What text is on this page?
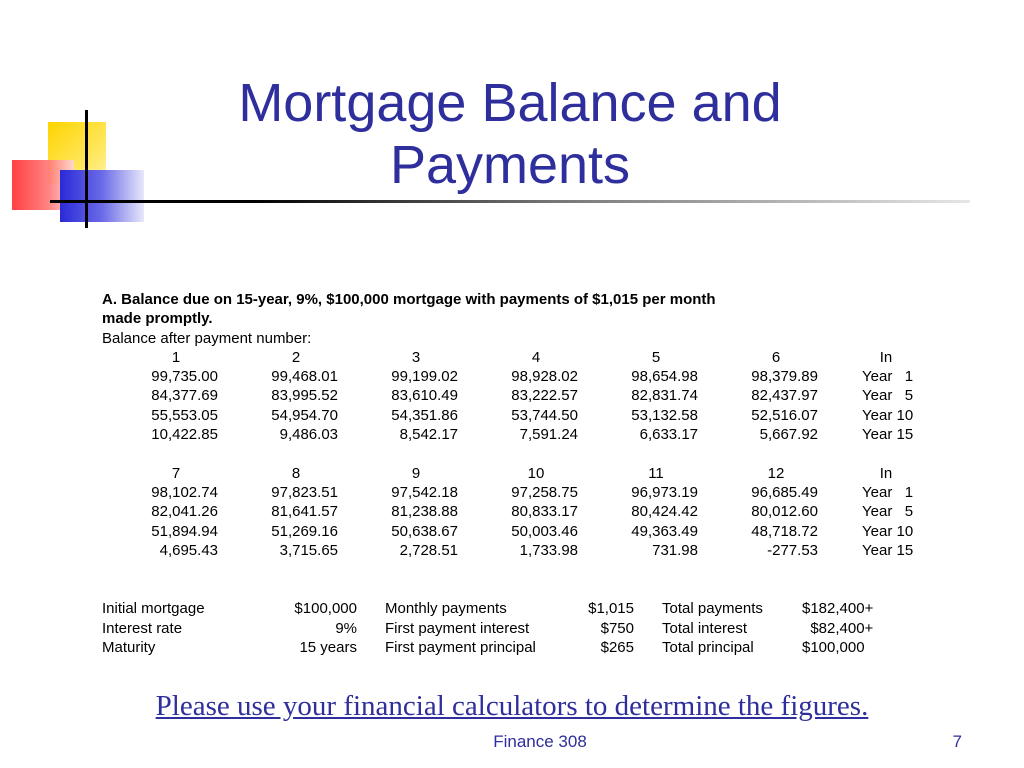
Mortgage Balance and
Payments
A. Balance due on 15-year, 9%, $100,000 mortgage with payments of $1,015 per month
made promptly.
Balance after payment number:
1	2	3	4	5	6	In
99,735.00	99,468.01	99,199.02	98,928.02	98,654.98	98,379.89	Year   1
84,377.69	83,995.52	83,610.49	83,222.57	82,831.74	82,437.97	Year   5
55,553.05	54,954.70	54,351.86	53,744.50	53,132.58	52,516.07	Year 10
10,422.85	9,486.03	8,542.17	7,591.24	6,633.17	5,667.92	Year 15
7	8	9	10	11	12	In
98,102.74	97,823.51	97,542.18	97,258.75	96,973.19	96,685.49	Year   1
82,041.26	81,641.57	81,238.88	80,833.17	80,424.42	80,012.60	Year   5
51,894.94	51,269.16	50,638.67	50,003.46	49,363.49	48,718.72	Year 10
4,695.43	3,715.65	2,728.51	1,733.98	731.98	-277.53	Year 15
Initial mortgage	$100,000	Monthly payments	$1,015	Total payments	$182,400+
Interest rate	9%	First payment interest	$750	Total interest	$82,400+
Maturity	15 years	First payment principal	$265	Total principal	$100,000
Please use your financial calculators to determine the figures.
Finance 308	7
